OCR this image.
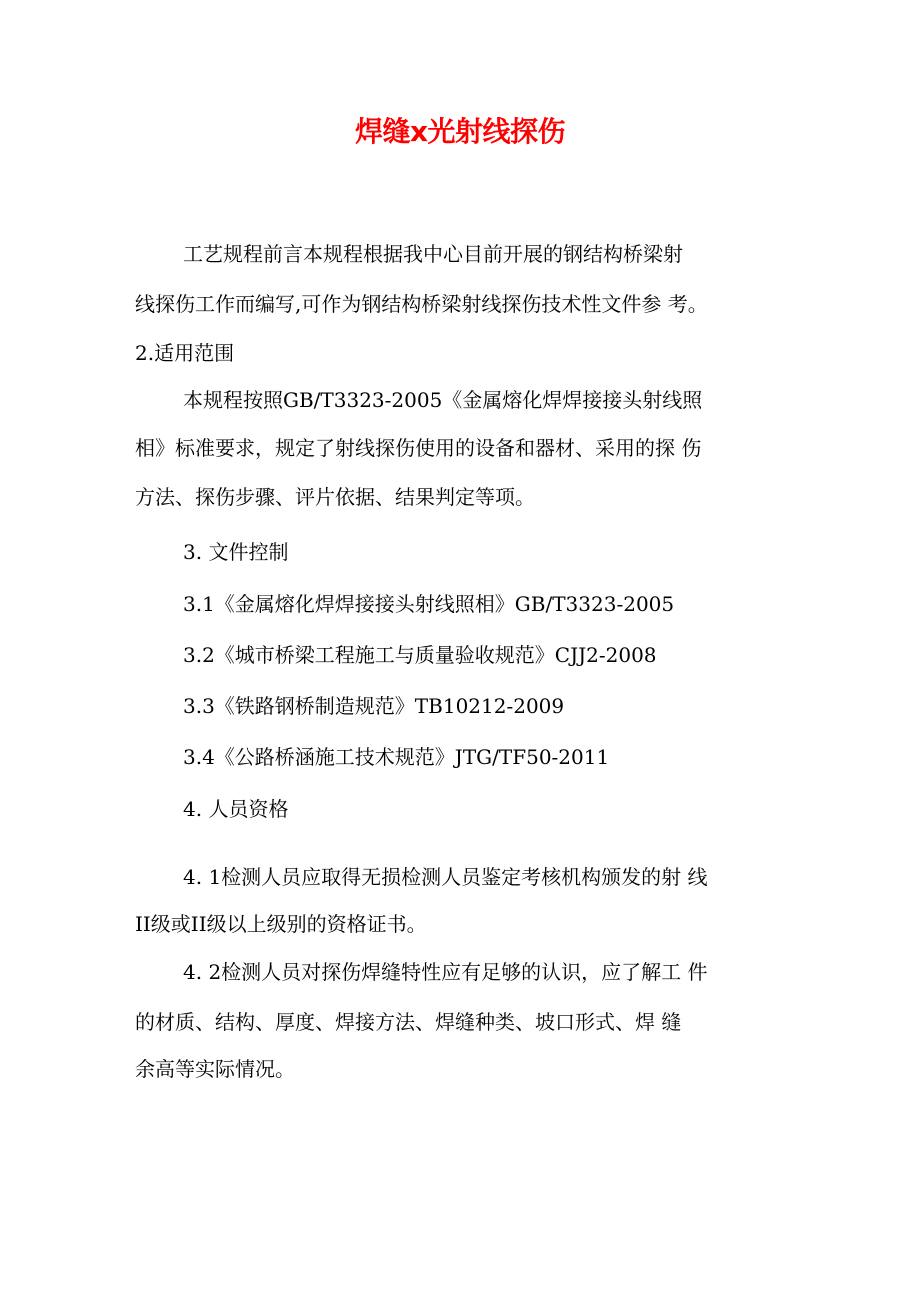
焊缝x光射线探伤
工艺规程前言本规程根据我中心目前开展的钢结构桥梁射
线探伤工作而编写,可作为钢结构桥梁射线探伤技术性文件参 考。
2.适用范围
本规程按照GB/T3323-2005《金属熔化焊焊接接头射线照
相》标准要求，规定了射线探伤使用的设备和器材、采用的探 伤
方法、探伤步骤、评片依据、结果判定等项。
3. 文件控制
3.1《金属熔化焊焊接接头射线照相》GB/T3323-2005
3.2《城市桥梁工程施工与质量验收规范》CJJ2-2008
3.3《铁路钢桥制造规范》TB10212-2009
3.4《公路桥涵施工技术规范》JTG/TF50-2011
4. 人员资格
4. 1检测人员应取得无损检测人员鉴定考核机构颁发的射 线
II级或II级以上级别的资格证书。
4. 2检测人员对探伤焊缝特性应有足够的认识，应了解工 件
的材质、结构、厚度、焊接方法、焊缝种类、坡口形式、焊 缝
余高等实际情况。
